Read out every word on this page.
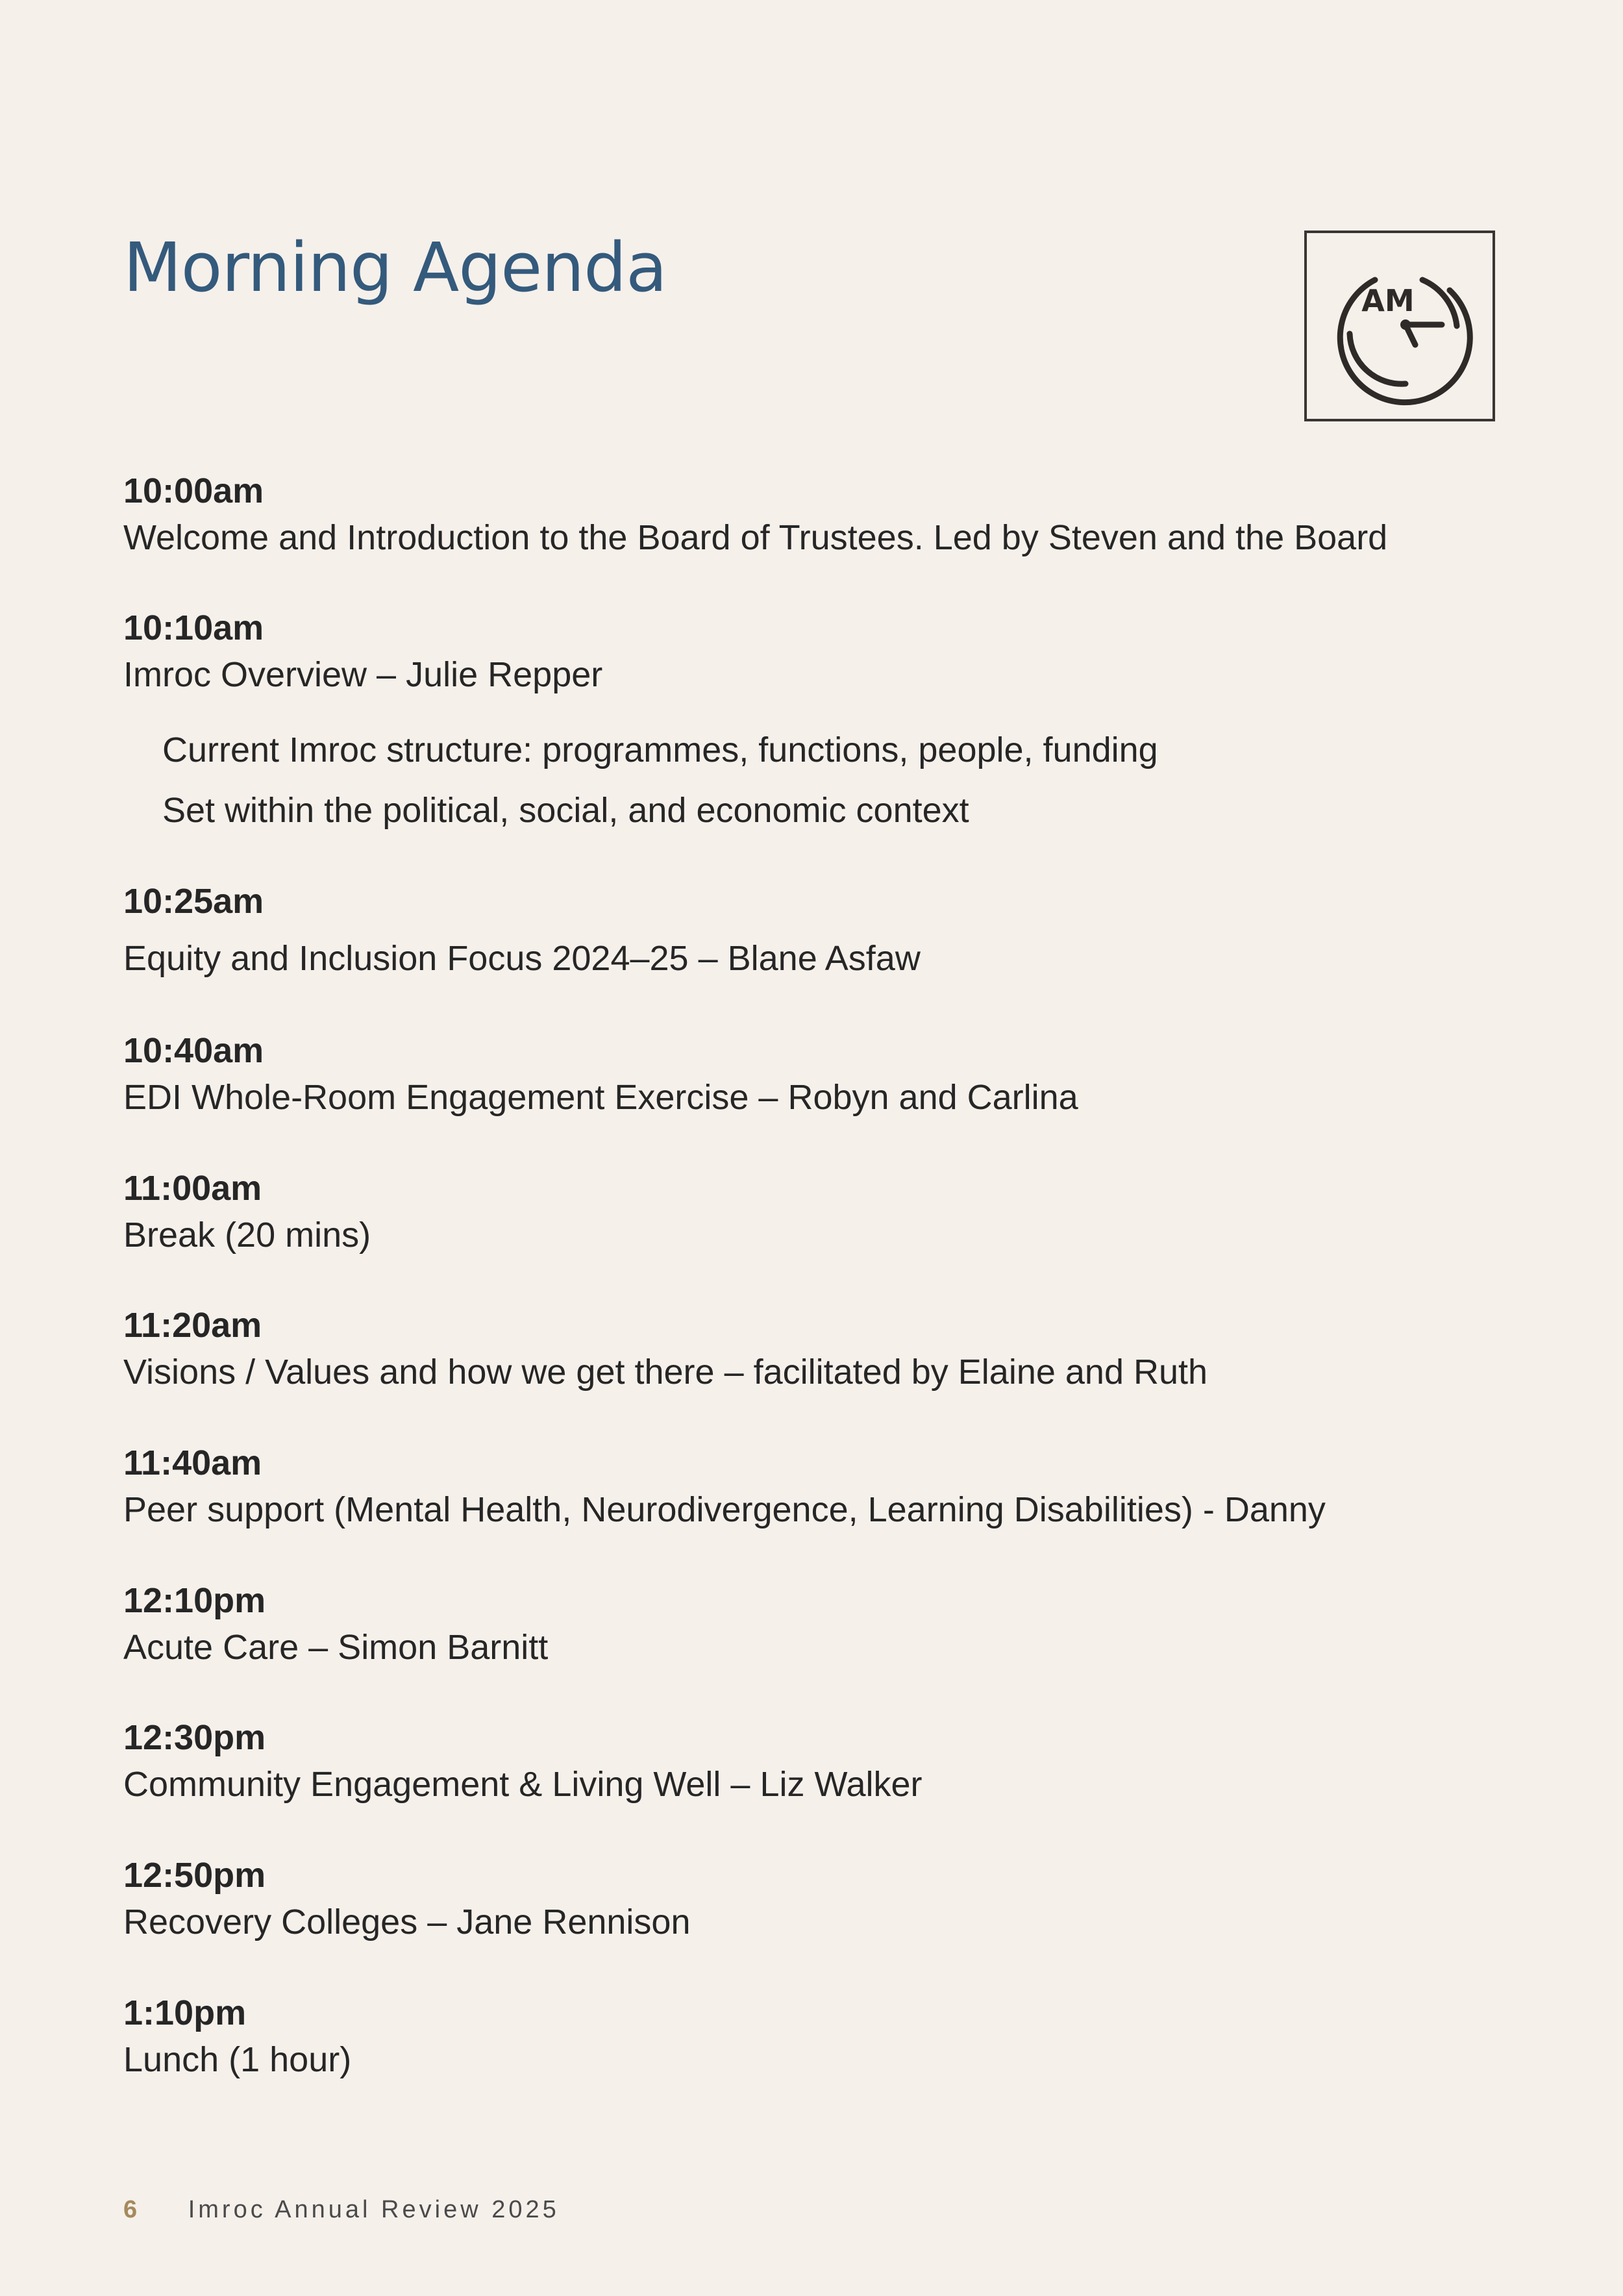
Morning Agenda	AM
10:00am
Welcome and Introduction to the Board of Trustees. Led by Steven and the Board
10:10am
Imroc Overview – Julie Repper
Current Imroc structure: programmes, functions, people, funding
Set within the political, social, and economic context
10:25am
Equity and Inclusion Focus 2024–25 – Blane Asfaw
10:40am
EDI Whole-Room Engagement Exercise – Robyn and Carlina
11:00am
Break (20 mins)
11:20am
Visions / Values and how we get there – facilitated by Elaine and Ruth
11:40am
Peer support (Mental Health, Neurodivergence, Learning Disabilities) - Danny
12:10pm
Acute Care – Simon Barnitt
12:30pm
Community Engagement & Living Well – Liz Walker
12:50pm
Recovery Colleges – Jane Rennison
1:10pm
Lunch (1 hour)
6 Imroc Annual Review 2025
